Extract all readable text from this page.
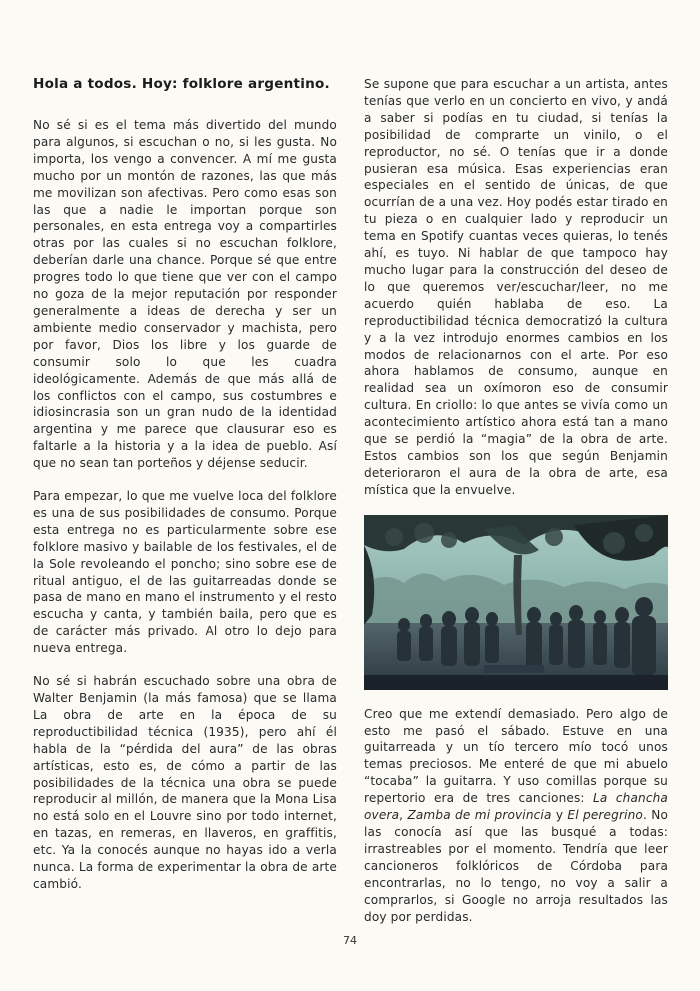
Hola a todos. Hoy: folklore argentino.

No sé si es el tema más divertido del mundo para algunos, si escuchan o no, si les gusta. No importa, los vengo a convencer. A mí me gusta mucho por un montón de razones, las que más me movilizan son afectivas. Pero como esas son las que a nadie le importan porque son personales, en esta entrega voy a compartirles otras por las cuales si no escuchan folklore, deberían darle una chance. Porque sé que entre progres todo lo que tiene que ver con el campo no goza de la mejor reputación por responder generalmente a ideas de derecha y ser un ambiente medio conservador y machista, pero por favor, Dios los libre y los guarde de consumir solo lo que les cuadra ideológicamente. Además de que más allá de los conflictos con el campo, sus costumbres e idiosincrasia son un gran nudo de la identidad argentina y me parece que clausurar eso es faltarle a la historia y a la idea de pueblo. Así que no sean tan porteños y déjense seducir.

Para empezar, lo que me vuelve loca del folklore es una de sus posibilidades de consumo. Porque esta entrega no es particularmente sobre ese folklore masivo y bailable de los festivales, el de la Sole revoleando el poncho; sino sobre ese de ritual antiguo, el de las guitarreadas donde se pasa de mano en mano el instrumento y el resto escucha y canta, y también baila, pero que es de carácter más privado. Al otro lo dejo para nueva entrega.

No sé si habrán escuchado sobre una obra de Walter Benjamin (la más famosa) que se llama La obra de arte en la época de su reproductibilidad técnica (1935), pero ahí él habla de la “pérdida del aura” de las obras artísticas, esto es, de cómo a partir de las posibilidades de la técnica una obra se puede reproducir al millón, de manera que la Mona Lisa no está solo en el Louvre sino por todo internet, en tazas, en remeras, en llaveros, en graffitis, etc. Ya la conocés aunque no hayas ido a verla nunca. La forma de experimentar la obra de arte cambió.

Se supone que para escuchar a un artista, antes tenías que verlo en un concierto en vivo, y andá a saber si podías en tu ciudad, si tenías la posibilidad de comprarte un vinilo, o el reproductor, no sé. O tenías que ir a donde pusieran esa música. Esas experiencias eran especiales en el sentido de únicas, de que ocurrían de a una vez. Hoy podés estar tirado en tu pieza o en cualquier lado y reproducir un tema en Spotify cuantas veces quieras, lo tenés ahí, es tuyo. Ni hablar de que tampoco hay mucho lugar para la construcción del deseo de lo que queremos ver/escuchar/leer, no me acuerdo quién hablaba de eso. La reproductibilidad técnica democratizó la cultura y a la vez introdujo enormes cambios en los modos de relacionarnos con el arte. Por eso ahora hablamos de consumo, aunque en realidad sea un oxímoron eso de consumir cultura. En criollo: lo que antes se vivía como un acontecimiento artístico ahora está tan a mano que se perdió la “magia” de la obra de arte. Estos cambios son los que según Benjamin deterioraron el aura de la obra de arte, esa mística que la envuelve.

Creo que me extendí demasiado. Pero algo de esto me pasó el sábado. Estuve en una guitarreada y un tío tercero mío tocó unos temas preciosos. Me enteré de que mi abuelo “tocaba” la guitarra. Y uso comillas porque su repertorio era de tres canciones: La chancha overa, Zamba de mi provincia y El peregrino. No las conocía así que las busqué a todas: irrastreables por el momento. Tendría que leer cancioneros folklóricos de Córdoba para encontrarlas, no lo tengo, no voy a salir a comprarlos, si Google no arroja resultados las doy por perdidas.

74
